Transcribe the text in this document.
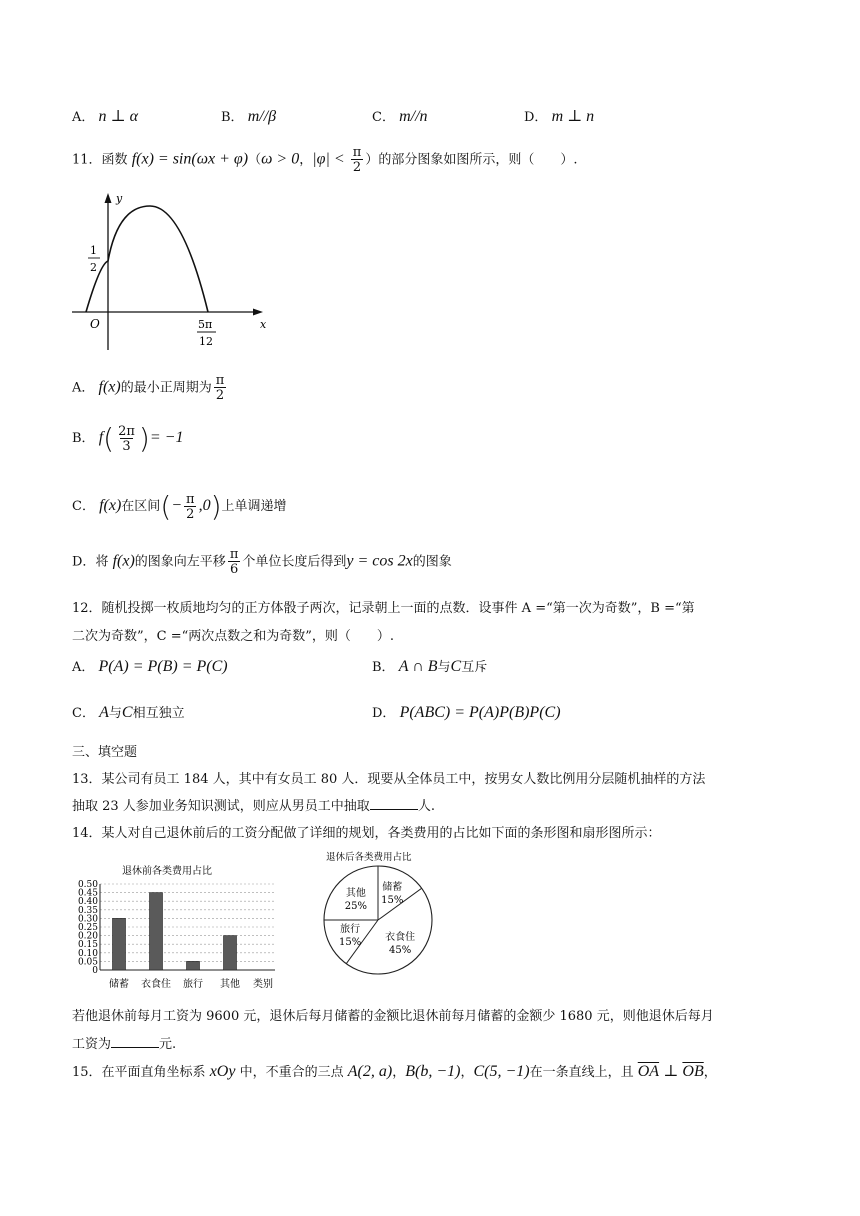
A． n ⊥ α	B． m//β	C． m//n	D． m ⊥ n
11．函数 f(x) = sin(ωx + φ)（ω > 0，$|\varphi| < \frac{\pi}{2}$ ）的部分图象如图所示，则（　　）.
y
x
O
1
2
5π
12
A． f(x)的最小正周期为 $\frac{\pi}{2}$
B． $f( \frac{2\pi}{3}$ )= −1
C． f(x)在区间(− $\frac{\pi}{2} ,0$)上单调递增
D．将 f(x)的图象向左平移 $\frac{\pi}{6}$ 个单位长度后得到y = cos 2x的图象
12．随机投掷一枚质地均匀的正方体骰子两次，记录朝上一面的点数．设事件 A =“第一次为奇数”，B =“第
二次为奇数”，C =“两次点数之和为奇数”，则（　　）.
A． P(A) = P(B) = P(C)	B． A ∩ B与C互斥
C． A与C相互独立	D． P(ABC) = P(A)P(B)P(C)
三、填空题
13．某公司有员工 184 人，其中有女员工 80 人．现要从全体员工中，按男女人数比例用分层随机抽样的方法
抽取 23 人参加业务知识测试，则应从男员工中抽取	人.
14．某人对自己退休前后的工资分配做了详细的规划，各类费用的占比如下面的条形图和扇形图所示：
退休前各类费用占比
0
0.05
0.10
0.15
0.20
0.25
0.30
0.35
0.40
0.45
0.50
储蓄 衣食住 旅行 其他 类别
退休后各类费用占比
储蓄
15%
衣食住
45%
旅行
15%
其他
25%
若他退休前每月工资为 9600 元，退休后每月储蓄的金额比退休前每月储蓄的金额少 1680 元，则他退休后每月
工资为	元.
15．在平面直角坐标系 xOy 中，不重合的三点 A(2, a)，B(b, −1)，C(5, −1)在一条直线上，且 $\overline{OA}$ ⊥ $\overline{OB}$，
